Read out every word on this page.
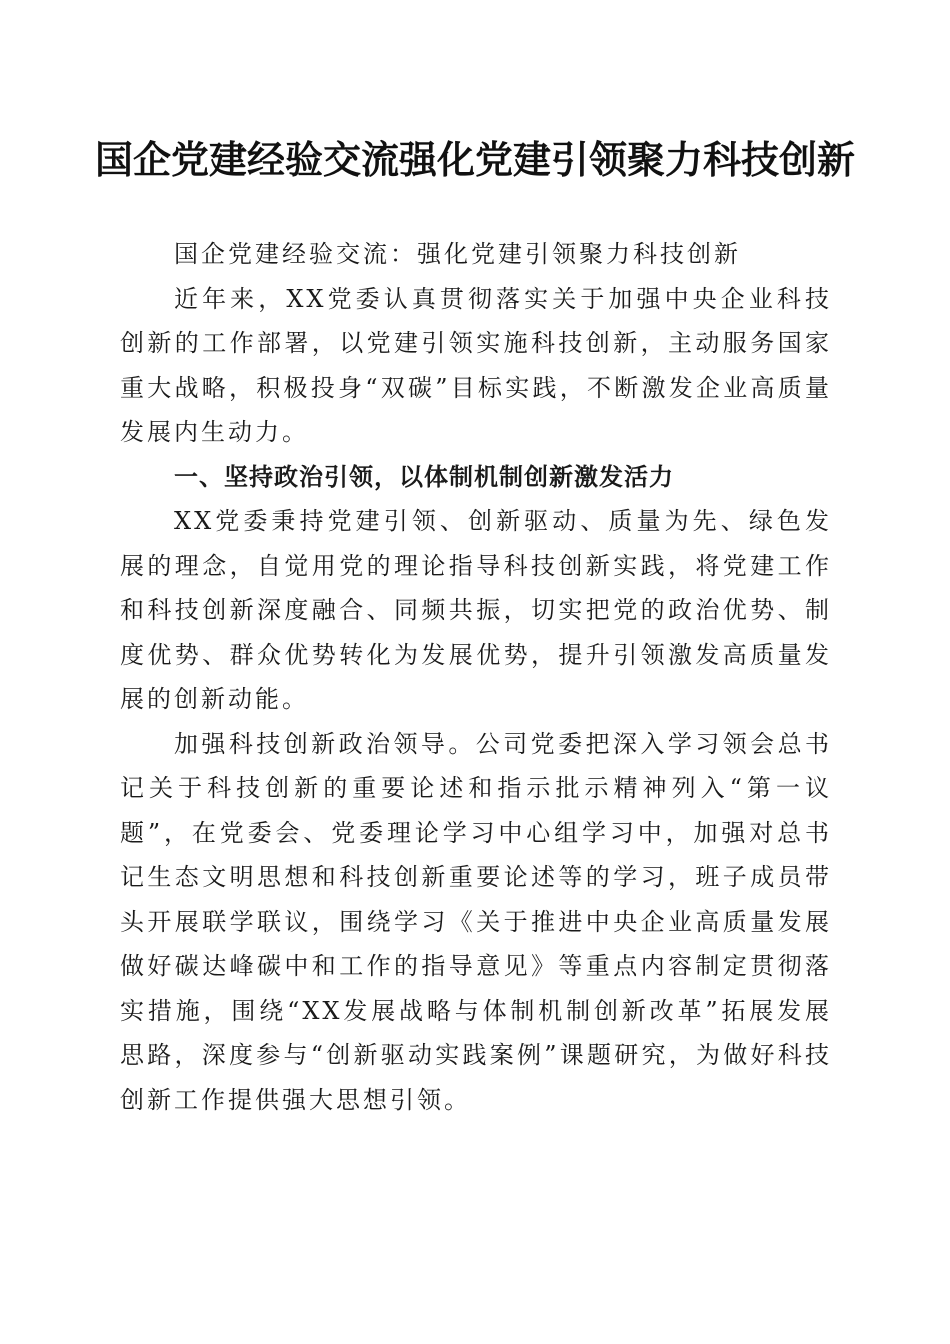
国企党建经验交流强化党建引领聚力科技创新

国企党建经验交流：强化党建引领聚力科技创新

近年来，XX党委认真贯彻落实关于加强中央企业科技创新的工作部署，以党建引领实施科技创新，主动服务国家重大战略，积极投身“双碳”目标实践，不断激发企业高质量发展内生动力。

一、坚持政治引领，以体制机制创新激发活力

XX党委秉持党建引领、创新驱动、质量为先、绿色发展的理念，自觉用党的理论指导科技创新实践，将党建工作和科技创新深度融合、同频共振，切实把党的政治优势、制度优势、群众优势转化为发展优势，提升引领激发高质量发展的创新动能。

加强科技创新政治领导。公司党委把深入学习领会总书记关于科技创新的重要论述和指示批示精神列入“第一议题”，在党委会、党委理论学习中心组学习中，加强对总书记生态文明思想和科技创新重要论述等的学习，班子成员带头开展联学联议，围绕学习《关于推进中央企业高质量发展做好碳达峰碳中和工作的指导意见》等重点内容制定贯彻落实措施，围绕“XX发展战略与体制机制创新改革”拓展发展思路，深度参与“创新驱动实践案例”课题研究，为做好科技创新工作提供强大思想引领。
